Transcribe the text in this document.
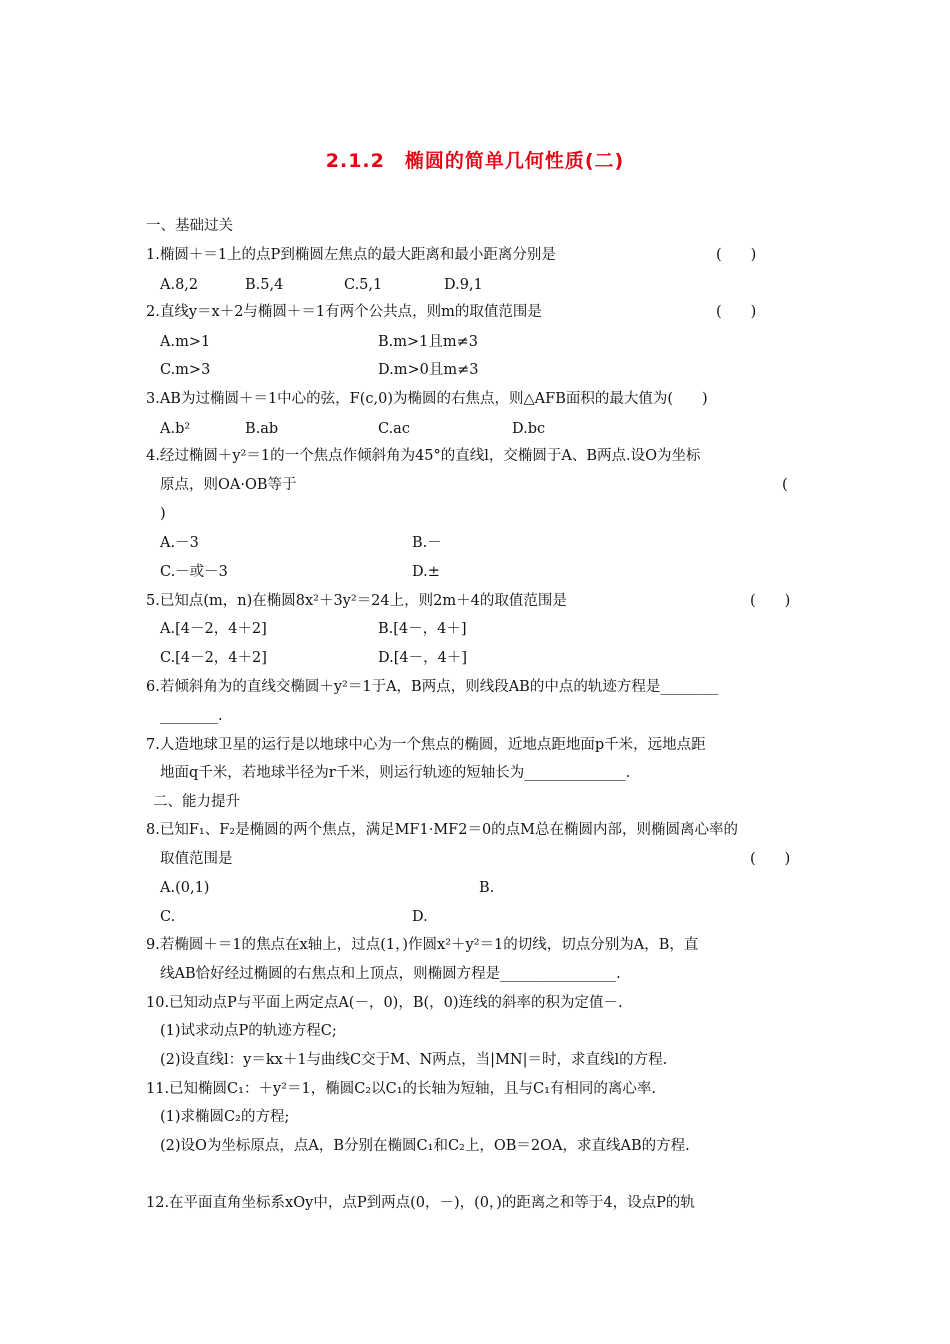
2.1.2　椭圆的简单几何性质(二)
一、基础过关
1.椭圆＋＝1上的点P到椭圆左焦点的最大距离和最小距离分别是	(　　)
A.8,2	B.5,4	C.5,1	D.9,1
2.直线y＝x＋2与椭圆＋＝1有两个公共点，则m的取值范围是	(　　)
A.m>1	B.m>1且m≠3
C.m>3	D.m>0且m≠3
3.AB为过椭圆＋＝1中心的弦，F(c,0)为椭圆的右焦点，则△AFB面积的最大值为(　　)
A.b²	B.ab	C.ac	D.bc
4.经过椭圆＋y²＝1的一个焦点作倾斜角为45°的直线l，交椭圆于A、B两点.设O为坐标
原点，则OA·OB等于	(
)
A.－3	B.－
C.－或－3	D.±
5.已知点(m，n)在椭圆8x²＋3y²＝24上，则2m＋4的取值范围是	(　　)
A.[4－2，4＋2]	B.[4－，4＋]
C.[4－2，4＋2]	D.[4－，4＋]
6.若倾斜角为的直线交椭圆＋y²＝1于A，B两点，则线段AB的中点的轨迹方程是________
________.
7.人造地球卫星的运行是以地球中心为一个焦点的椭圆，近地点距地面p千米，远地点距
地面q千米，若地球半径为r千米，则运行轨迹的短轴长为______________.
二、能力提升
8.已知F₁、F₂是椭圆的两个焦点，满足MF1·MF2＝0的点M总在椭圆内部，则椭圆离心率的
取值范围是	(　　)
A.(0,1)	B.
C.	D.
9.若椭圆＋＝1的焦点在x轴上，过点(1，)作圆x²＋y²＝1的切线，切点分别为A，B，直
线AB恰好经过椭圆的右焦点和上顶点，则椭圆方程是________________.
10.已知动点P与平面上两定点A(－，0)，B(，0)连线的斜率的积为定值－.
(1)试求动点P的轨迹方程C;
(2)设直线l：y＝kx＋1与曲线C交于M、N两点，当|MN|＝时，求直线l的方程.
11.已知椭圆C₁：＋y²＝1，椭圆C₂以C₁的长轴为短轴，且与C₁有相同的离心率.
(1)求椭圆C₂的方程;
(2)设O为坐标原点，点A，B分别在椭圆C₁和C₂上，OB＝2OA，求直线AB的方程.
12.在平面直角坐标系xOy中，点P到两点(0，－)，(0，)的距离之和等于4，设点P的轨
